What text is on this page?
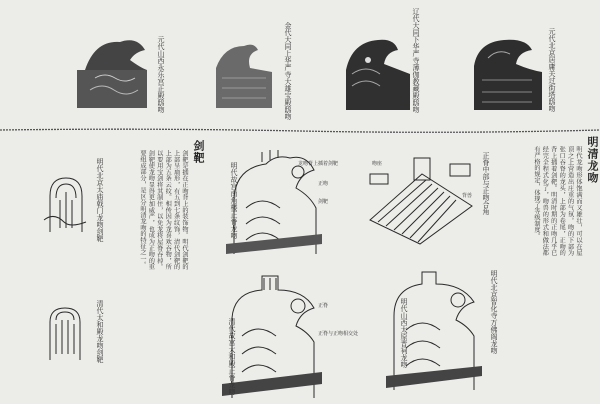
元代山西永乐宫正殿鸱吻	金代大同上华严寺大雄宝殿鸱吻	辽代大同下华严寺薄伽教藏殿鸱吻	元代北京居庸关过街塔鸱吻
明清龙吻
明代龙吻形体饱满而又雄壮，可以在屋顶之上营造出庄重的气氛。吻的下部为张口吞脊的龙头，上部为卷尾，正吻的背上插着剑靶。明清时期的正吻几乎已经完全程式化了，吻兽的形式和做法都有严格的规定，体现了等级制度。
明代北京太庙戟门龙吻剑靶
清代太和殿龙吻剑靶
剑靶
剑靶是插在正吻背上的装饰物。明代剑靶的上部呈扇形，有五到七条纹饰，清代剑靶的上部为五条云纹。相传因为龙喜欢吞物，所以要用宝剑将其制住，以免龙将屋脊吞掉。剑靶使龙吻显得更加威严，也成为正吻的重要组成部分，是区分明清龙吻的特征之一。	明代故宫南角楼正脊龙吻
清代故宫太和殿正脊龙吻
龙吻背上插着剑靶
正吻
剑靶
正脊
正脊与正吻相交处
吻座
背兽 正脊中部与正吻合角
明代北京智化寺万佛阁龙吻
明代山西太原晋祠龙吻
